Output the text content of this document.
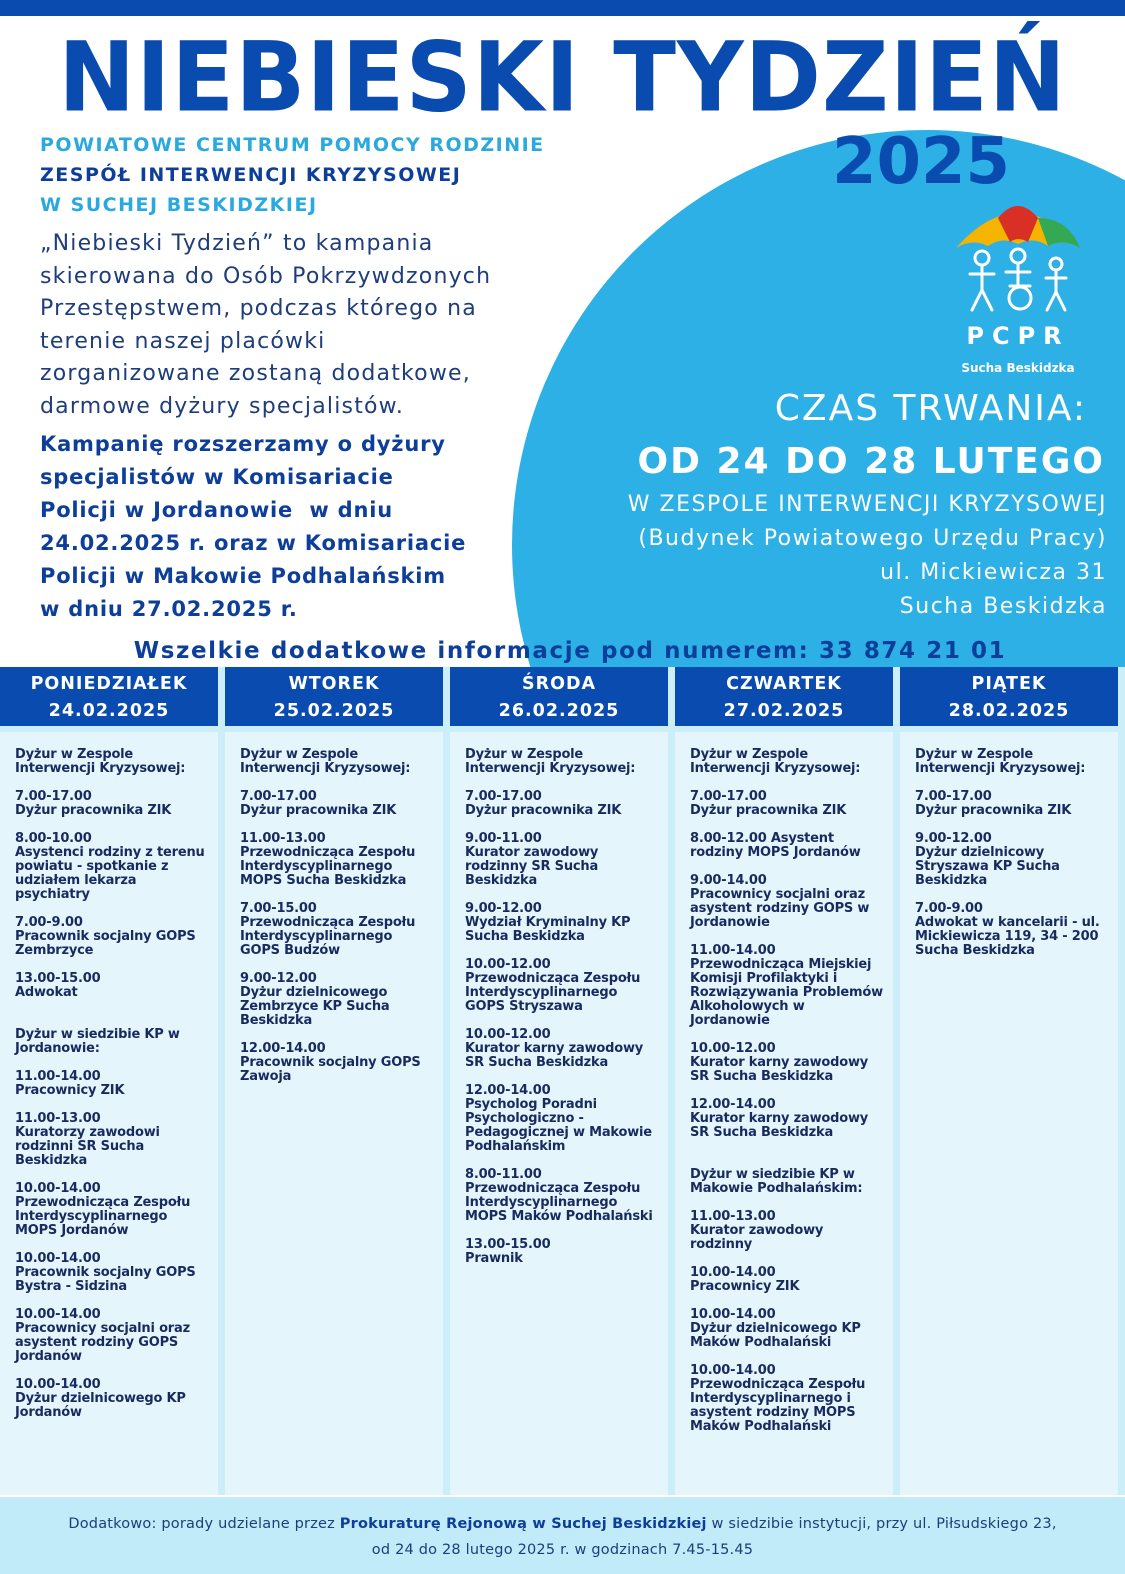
NIEBIESKI TYDZIEŃ
2025
POWIATOWE CENTRUM POMOCY RODZINIE
ZESPÓŁ INTERWENCJI KRYZYSOWEJ
W SUCHEJ BESKIDZKIEJ
„Niebieski Tydzień” to kampania
skierowana do Osób Pokrzywdzonych
Przestępstwem, podczas którego na
terenie naszej placówki
zorganizowane zostaną dodatkowe,
darmowe dyżury specjalistów.
Kampanię rozszerzamy o dyżury
specjalistów w Komisariacie
Policji w Jordanowie  w dniu
24.02.2025 r. oraz w Komisariacie
Policji w Makowie Podhalańskim
w dniu 27.02.2025 r.
PCPR
Sucha Beskidzka
CZAS TRWANIA:
OD 24 DO 28 LUTEGO
W ZESPOLE INTERWENCJI KRYZYSOWEJ
(Budynek Powiatowego Urzędu Pracy)
ul. Mickiewicza 31
Sucha Beskidzka
Wszelkie dodatkowe informacje pod numerem: 33 874 21 01
PONIEDZIAŁEK
24.02.2025
Dyżur w Zespole Interwencji Kryzysowej:
7.00-17.00
Dyżur pracownika ZIK
8.00-10.00
Asystenci rodziny z terenu powiatu - spotkanie z udziałem lekarza psychiatry
7.00-9.00
Pracownik socjalny GOPS Zembrzyce
13.00-15.00
Adwokat
Dyżur w siedzibie KP w Jordanowie:
11.00-14.00
Pracownicy ZIK
11.00-13.00
Kuratorzy zawodowi rodzinni SR Sucha Beskidzka
10.00-14.00
Przewodnicząca Zespołu Interdyscyplinarnego MOPS Jordanów
10.00-14.00
Pracownik socjalny GOPS Bystra - Sidzina
10.00-14.00
Pracownicy socjalni oraz asystent rodziny GOPS Jordanów
10.00-14.00
Dyżur dzielnicowego KP Jordanów
WTOREK
25.02.2025
Dyżur w Zespole Interwencji Kryzysowej:
7.00-17.00
Dyżur pracownika ZIK
11.00-13.00
Przewodnicząca Zespołu Interdyscyplinarnego MOPS Sucha Beskidzka
7.00-15.00
Przewodnicząca Zespołu Interdyscyplinarnego GOPS Budzów
9.00-12.00
Dyżur dzielnicowego Zembrzyce KP Sucha Beskidzka
12.00-14.00
Pracownik socjalny GOPS Zawoja
ŚRODA
26.02.2025
Dyżur w Zespole Interwencji Kryzysowej:
7.00-17.00
Dyżur pracownika ZIK
9.00-11.00
Kurator zawodowy rodzinny SR Sucha Beskidzka
9.00-12.00
Wydział Kryminalny KP Sucha Beskidzka
10.00-12.00
Przewodnicząca Zespołu Interdyscyplinarnego GOPS Stryszawa
10.00-12.00
Kurator karny zawodowy SR Sucha Beskidzka
12.00-14.00
Psycholog Poradni Psychologiczno - Pedagogicznej w Makowie Podhalańskim
8.00-11.00
Przewodnicząca Zespołu Interdyscyplinarnego MOPS Maków Podhalański
13.00-15.00
Prawnik
CZWARTEK
27.02.2025
Dyżur w Zespole Interwencji Kryzysowej:
7.00-17.00
Dyżur pracownika ZIK
8.00-12.00 Asystent rodziny MOPS Jordanów
9.00-14.00
Pracownicy socjalni oraz asystent rodziny GOPS w Jordanowie
11.00-14.00
Przewodnicząca Miejskiej Komisji Profilaktyki i Rozwiązywania Problemów Alkoholowych w Jordanowie
10.00-12.00
Kurator karny zawodowy SR Sucha Beskidzka
12.00-14.00
Kurator karny zawodowy SR Sucha Beskidzka
Dyżur w siedzibie KP w Makowie Podhalańskim:
11.00-13.00
Kurator zawodowy rodzinny
10.00-14.00
Pracownicy ZIK
10.00-14.00
Dyżur dzielnicowego KP Maków Podhalański
10.00-14.00
Przewodnicząca Zespołu Interdyscyplinarnego i asystent rodziny MOPS Maków Podhalański
PIĄTEK
28.02.2025
Dyżur w Zespole Interwencji Kryzysowej:
7.00-17.00
Dyżur pracownika ZIK
9.00-12.00
Dyżur dzielnicowy Stryszawa KP Sucha Beskidzka
7.00-9.00
Adwokat w kancelarii - ul. Mickiewicza 119, 34 - 200 Sucha Beskidzka
Dodatkowo: porady udzielane przez Prokuraturę Rejonową w Suchej Beskidzkiej w siedzibie instytucji, przy ul. Piłsudskiego 23,
od 24 do 28 lutego 2025 r. w godzinach 7.45-15.45
